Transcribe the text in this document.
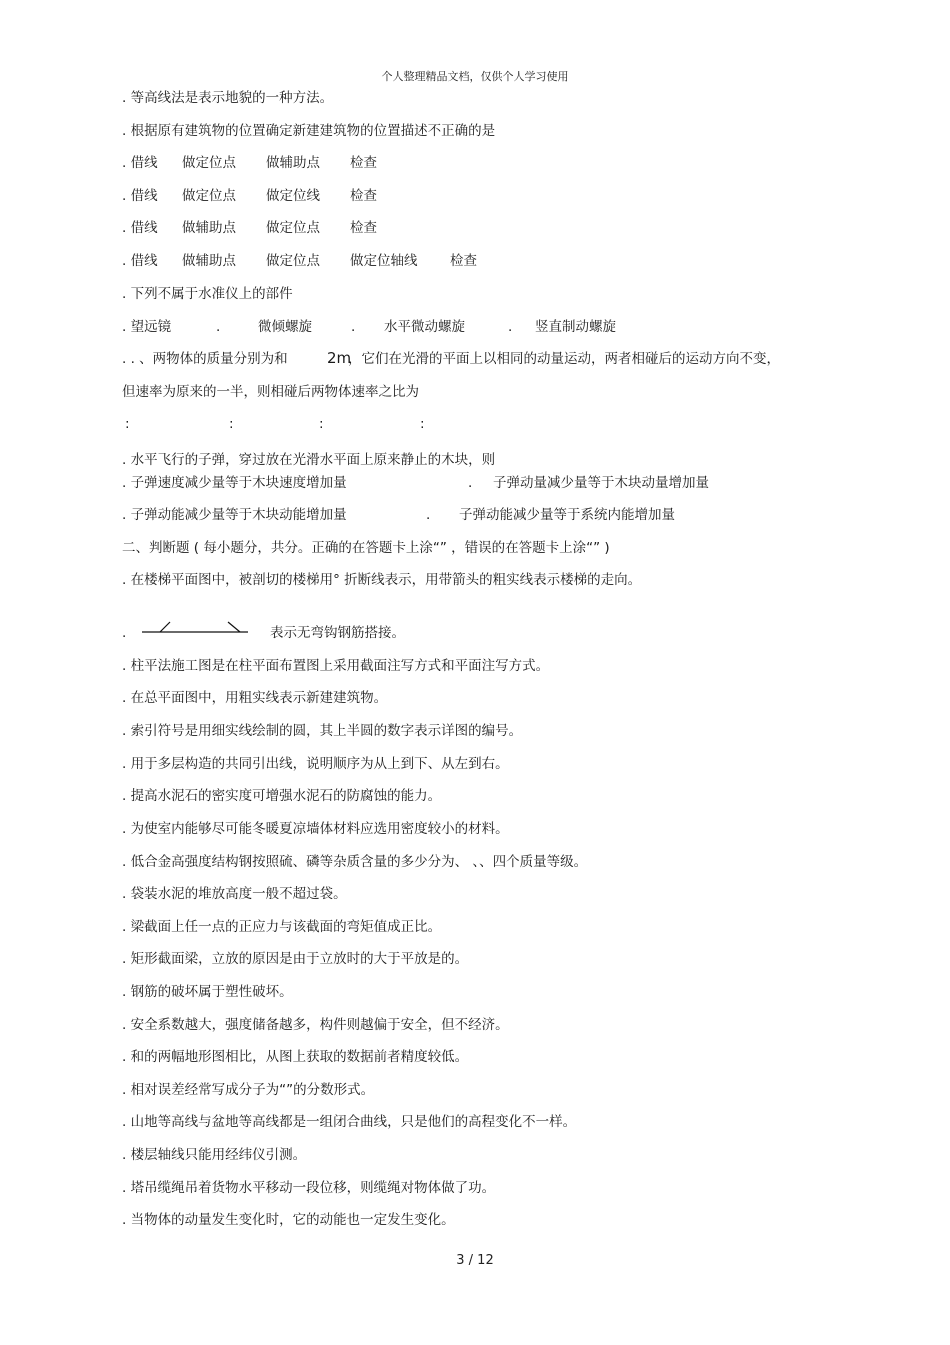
个人整理精品文档，仅供个人学习使用
. 等高线法是表示地貌的一种方法。
. 根据原有建筑物的位置确定新建建筑物的位置描述不正确的是
. 借线 做定位点 做辅助点 检查
. 借线 做定位点 做定位线 检查
. 借线 做辅助点 做定位点 检查
. 借线 做辅助点 做定位点 做定位轴线 检查
. 下列不属于水准仪上的部件
. 望远镜	.	微倾螺旋	. 水平微动螺旋	. 竖直制动螺旋
. . 、两物体的质量分别为和	2m
，它们在光滑的平面上以相同的动量运动，两者相碰后的运动方向不变，
但速率为原来的一半，则相碰后两物体速率之比为
:	:	:	:
. 水平飞行的子弹，穿过放在光滑水平面上原来静止的木块，则
. 子弹速度减少量等于木块速度增加量	. 子弹动量减少量等于木块动量增加量
. 子弹动能减少量等于木块动能增加量	. 子弹动能减少量等于系统内能增加量
二、判断题 ( 每小题分，共分。正确的在答题卡上涂“” ，错误的在答题卡上涂“” )
. 在楼梯平面图中，被剖切的楼梯用° 折断线表示，用带箭头的粗实线表示楼梯的走向。
.	表示无弯钩钢筋搭接。
. 柱平法施工图是在柱平面布置图上采用截面注写方式和平面注写方式。
. 在总平面图中，用粗实线表示新建建筑物。
. 索引符号是用细实线绘制的圆，其上半圆的数字表示详图的编号。
. 用于多层构造的共同引出线，说明顺序为从上到下、从左到右。
. 提高水泥石的密实度可增强水泥石的防腐蚀的能力。
. 为使室内能够尽可能冬暖夏凉墙体材料应选用密度较小的材料。
. 低合金高强度结构钢按照硫、磷等杂质含量的多少分为、 、、四个质量等级。
. 袋装水泥的堆放高度一般不超过袋。
. 梁截面上任一点的正应力与该截面的弯矩值成正比。
. 矩形截面梁，立放的原因是由于立放时的大于平放是的。
. 钢筋的破坏属于塑性破坏。
. 安全系数越大，强度储备越多，构件则越偏于安全，但不经济。
. 和的两幅地形图相比，从图上获取的数据前者精度较低。
. 相对误差经常写成分子为“”的分数形式。
. 山地等高线与盆地等高线都是一组闭合曲线，只是他们的高程变化不一样。
. 楼层轴线只能用经纬仪引测。
. 塔吊缆绳吊着货物水平移动一段位移，则缆绳对物体做了功。
. 当物体的动量发生变化时，它的动能也一定发生变化。
3 / 12
